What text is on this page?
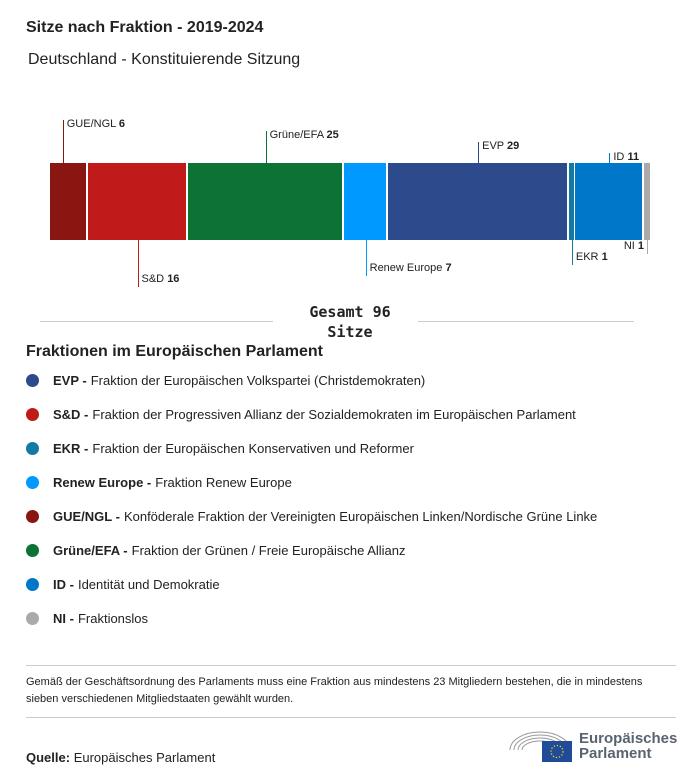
Sitze nach Fraktion - 2019-2024
Deutschland - Konstituierende Sitzung
GUE/NGL 6
S&D 16
Grüne/EFA 25
Renew Europe 7
EVP 29
EKR 1
ID 11
NI 1
Gesamt 96
Sitze
Fraktionen im Europäischen Parlament
EVP - Fraktion der Europäischen Volkspartei (Christdemokraten)
S&D - Fraktion der Progressiven Allianz der Sozialdemokraten im Europäischen Parlament
EKR - Fraktion der Europäischen Konservativen und Reformer
Renew Europe - Fraktion Renew Europe
GUE/NGL - Konföderale Fraktion der Vereinigten Europäischen Linken/Nordische Grüne Linke
Grüne/EFA - Fraktion der Grünen / Freie Europäische Allianz
ID - Identität und Demokratie
NI - Fraktionslos
Gemäß der Geschäftsordnung des Parlaments muss eine Fraktion aus mindestens 23 Mitgliedern bestehen, die in mindestens sieben verschiedenen Mitgliedstaaten gewählt wurden.
Quelle: Europäisches Parlament
Europäisches
Parlament
